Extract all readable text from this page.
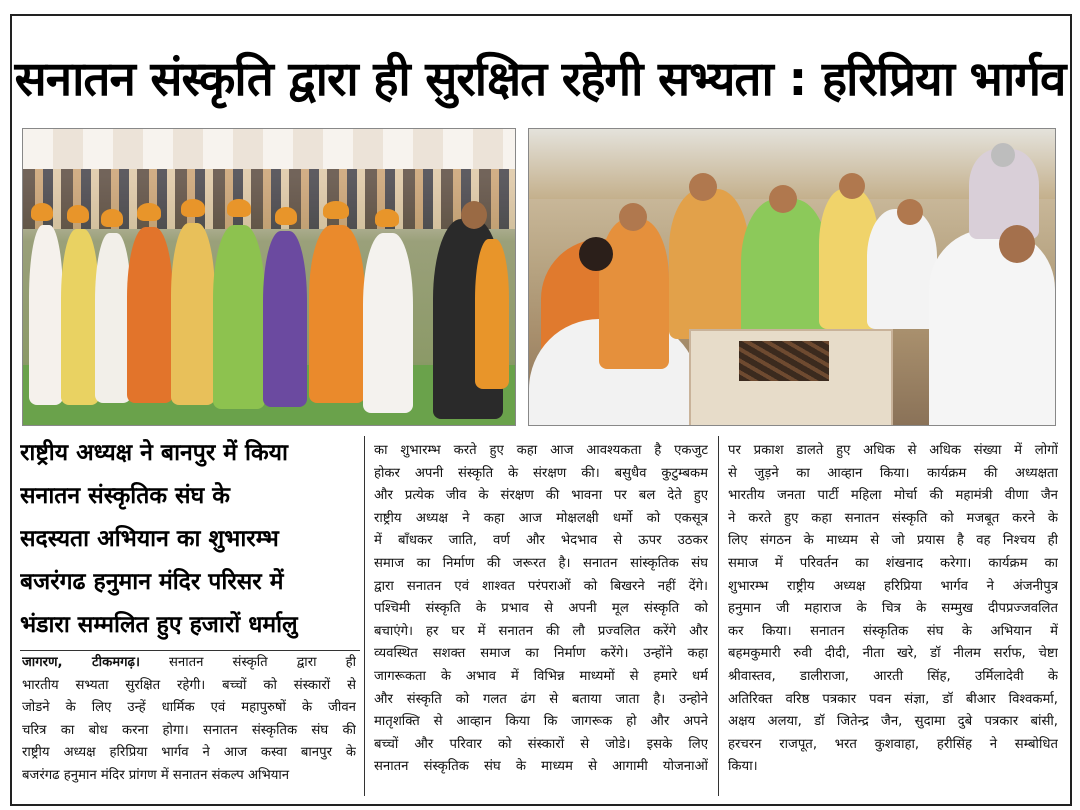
सनातन संस्कृति द्वारा ही सुरक्षित रहेगी सभ्यता : हरिप्रिया भार्गव
राष्ट्रीय अध्यक्ष ने बानपुर में किया
सनातन संस्कृतिक संघ के
सदस्यता अभियान का शुभारम्भ
बजरंगढ हनुमान मंदिर परिसर में
भंडारा सम्मलित हुए हजारों धर्मालु
जागरण, टीकमगढ़। सनातन संस्कृति द्वारा ही
भारतीय सभ्यता सुरक्षित रहेगी। बच्चों को संस्कारों से
जोडने के लिए उन्हें धार्मिक एवं महापुरुषों के जीवन
चरित्र का बोध करना होगा। सनातन संस्कृतिक संघ की
राष्ट्रीय अध्यक्ष हरिप्रिया भार्गव ने आज कस्वा बानपुर के
बजरंगढ हनुमान मंदिर प्रांगण में सनातन संकल्प अभियान
का शुभारम्भ करते हुए कहा आज आवश्यकता है एकजुट
होकर अपनी संस्कृति के संरक्षण की। बसुधैव कुटुम्बकम
और प्रत्येक जीव के संरक्षण की भावना पर बल देते हुए
राष्ट्रीय अध्यक्ष ने कहा आज मोक्षलक्षी धर्मो को एकसूत्र
में बाँधकर जाति, वर्ण और भेदभाव से ऊपर उठकर
समाज का निर्माण की जरूरत है। सनातन सांस्कृतिक संघ
द्वारा सनातन एवं शाश्वत परंपराओं को बिखरने नहीं देंगे।
पश्चिमी संस्कृति के प्रभाव से अपनी मूल संस्कृति को
बचाएंगे। हर घर में सनातन की लौ प्रज्वलित करेंगे और
व्यवस्थित सशक्त समाज का निर्माण करेंगे। उन्होंने कहा
जागरूकता के अभाव में विभिन्न माध्यमों से हमारे धर्म
और संस्कृति को गलत ढंग से बताया जाता है। उन्होने
मातृशक्ति से आव्हान किया कि जागरूक हो और अपने
बच्चों और परिवार को संस्कारों से जोडे। इसके लिए
सनातन संस्कृतिक संघ के माध्यम से आगामी योजनाओं
पर प्रकाश डालते हुए अधिक से अधिक संख्या में लोगों
से जुड़ने का आव्हान किया। कार्यक्रम की अध्यक्षता
भारतीय जनता पार्टी महिला मोर्चा की महामंत्री वीणा जैन
ने करते हुए कहा सनातन संस्कृति को मजबूत करने के
लिए संगठन के माध्यम से जो प्रयास है वह निश्चय ही
समाज में परिवर्तन का शंखनाद करेगा। कार्यक्रम का
शुभारम्भ राष्ट्रीय अध्यक्ष हरिप्रिया भार्गव ने अंजनीपुत्र
हनुमान जी महाराज के चित्र के सम्मुख दीपप्रज्जवलित
कर किया। सनातन संस्कृतिक संघ के अभियान में
बहमकुमारी रुवी दीदी, नीता खरे, डॉ नीलम सर्राफ, चेष्टा
श्रीवास्तव, डालीराजा, आरती सिंह, उर्मिलादेवी के
अतिरिक्त वरिष्ठ पत्रकार पवन संज्ञा, डॉ बीआर विश्वकर्मा,
अक्षय अलया, डॉ जितेन्द्र जैन, सुदामा दुबे पत्रकार बांसी,
हरचरन राजपूत, भरत कुशवाहा, हरीसिंह ने सम्बोधित
किया।
